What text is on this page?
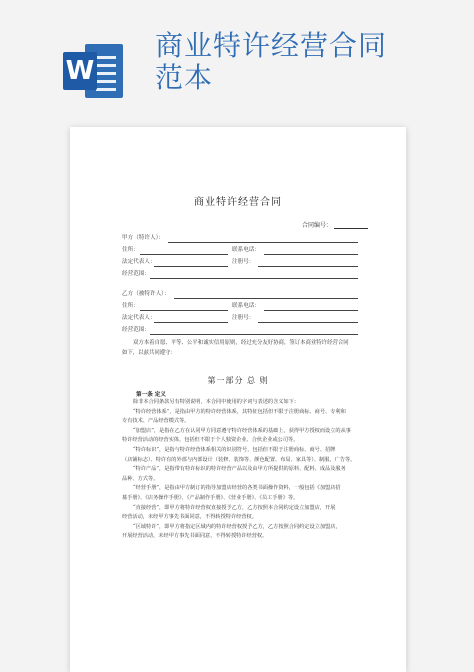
W
商业特许经营合同
范本
商业特许经营合同
合同编号：
甲方（特许人）：
住所：	联系电话：
法定代表人：	注册号：
经营范围：
乙方（被特许人）：
住所：	联系电话：
法定代表人：	注册号：
经营范围：

双方本着自愿、平等、公平和诚实信用原则，经过充分友好协商，签订本商业特许经营合同

如下，以兹共同遵守：

第一部分 总 则
第一条 定义
除非本合同条款另有特别说明，本合同中使用的字词与表述的含义如下：
“特许经营体系”，是指由甲方的特许经营体系，其特征包括但不限于注册商标、商号、专利和
专有技术、产品经营模式等。
“加盟店”，是指在乙方在认同甲方同意遵守特许经营体系的基础上，获得甲方授权而设立的从事
特许经营活动的经营实体，包括但不限于个人独资企业、合伙企业或公司等。
“特许标识”，是指与特许经营体系相关的识别符号，包括但不限于注册商标、商号、招牌
（店铺标志）、特许有的外部与内部设计（装修、装饰等、颜色配置、布局、家具等）、制服、广告等。
“特许产品”，是指带有特许标识的特许经营产品以及由甲方所提供的原料、配料、成品及服务
品种、方式等。
“经营手册”，是指由甲方制订的指导加盟店经营的各类书面操作资料，一般包括《加盟店招
募手册》、《店务操作手册》、《产品制作手册》、《营业手册》、《员工手册》等。
“直接经营”，即甲方将特许经营权直接授予乙方，乙方按照本合同约定设立加盟店，开展
经营活动，未经甲方事先书面同意，不得转授特许经营权。
“区域特许”，即甲方将指定区域内的特许经营权授予乙方，乙方按照合同约定设立加盟店，
开展经营活动，未经甲方事先书面同意，不得转授特许经营权。
